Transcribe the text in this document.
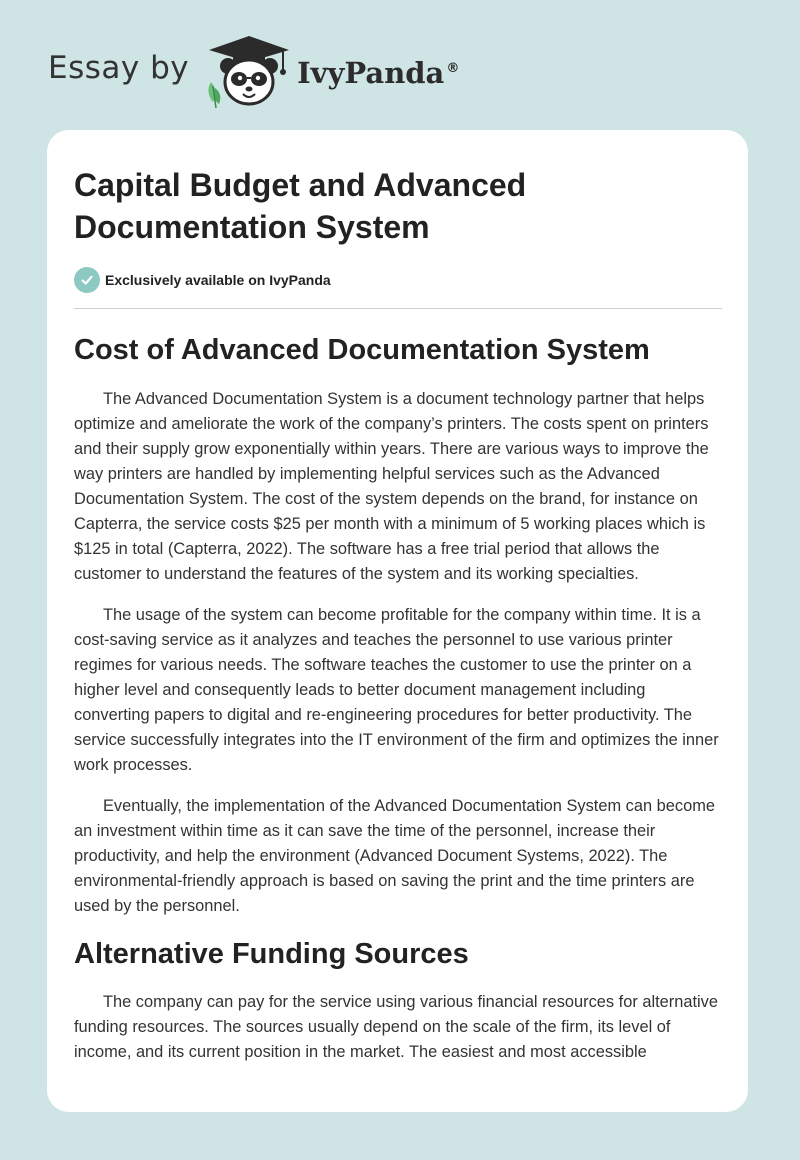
Essay by	IvyPanda ®
Capital Budget and Advanced Documentation System
Exclusively available on IvyPanda
Cost of Advanced Documentation System

The Advanced Documentation System is a document technology partner that helps optimize and ameliorate the work of the company’s printers. The costs spent on printers and their supply grow exponentially within years. There are various ways to improve the way printers are handled by implementing helpful services such as the Advanced Documentation System. The cost of the system depends on the brand, for instance on Capterra, the service costs $25 per month with a minimum of 5 working places which is $125 in total (Capterra, 2022). The software has a free trial period that allows the customer to understand the features of the system and its working specialties.

The usage of the system can become profitable for the company within time. It is a cost-saving service as it analyzes and teaches the personnel to use various printer regimes for various needs. The software teaches the customer to use the printer on a higher level and consequently leads to better document management including converting papers to digital and re-engineering procedures for better productivity. The service successfully integrates into the IT environment of the firm and optimizes the inner work processes.

Eventually, the implementation of the Advanced Documentation System can become an investment within time as it can save the time of the personnel, increase their productivity, and help the environment (Advanced Document Systems, 2022). The environmental-friendly approach is based on saving the print and the time printers are used by the personnel.

Alternative Funding Sources

The company can pay for the service using various financial resources for alternative funding resources. The sources usually depend on the scale of the firm, its level of income, and its current position in the market. The easiest and most accessible
